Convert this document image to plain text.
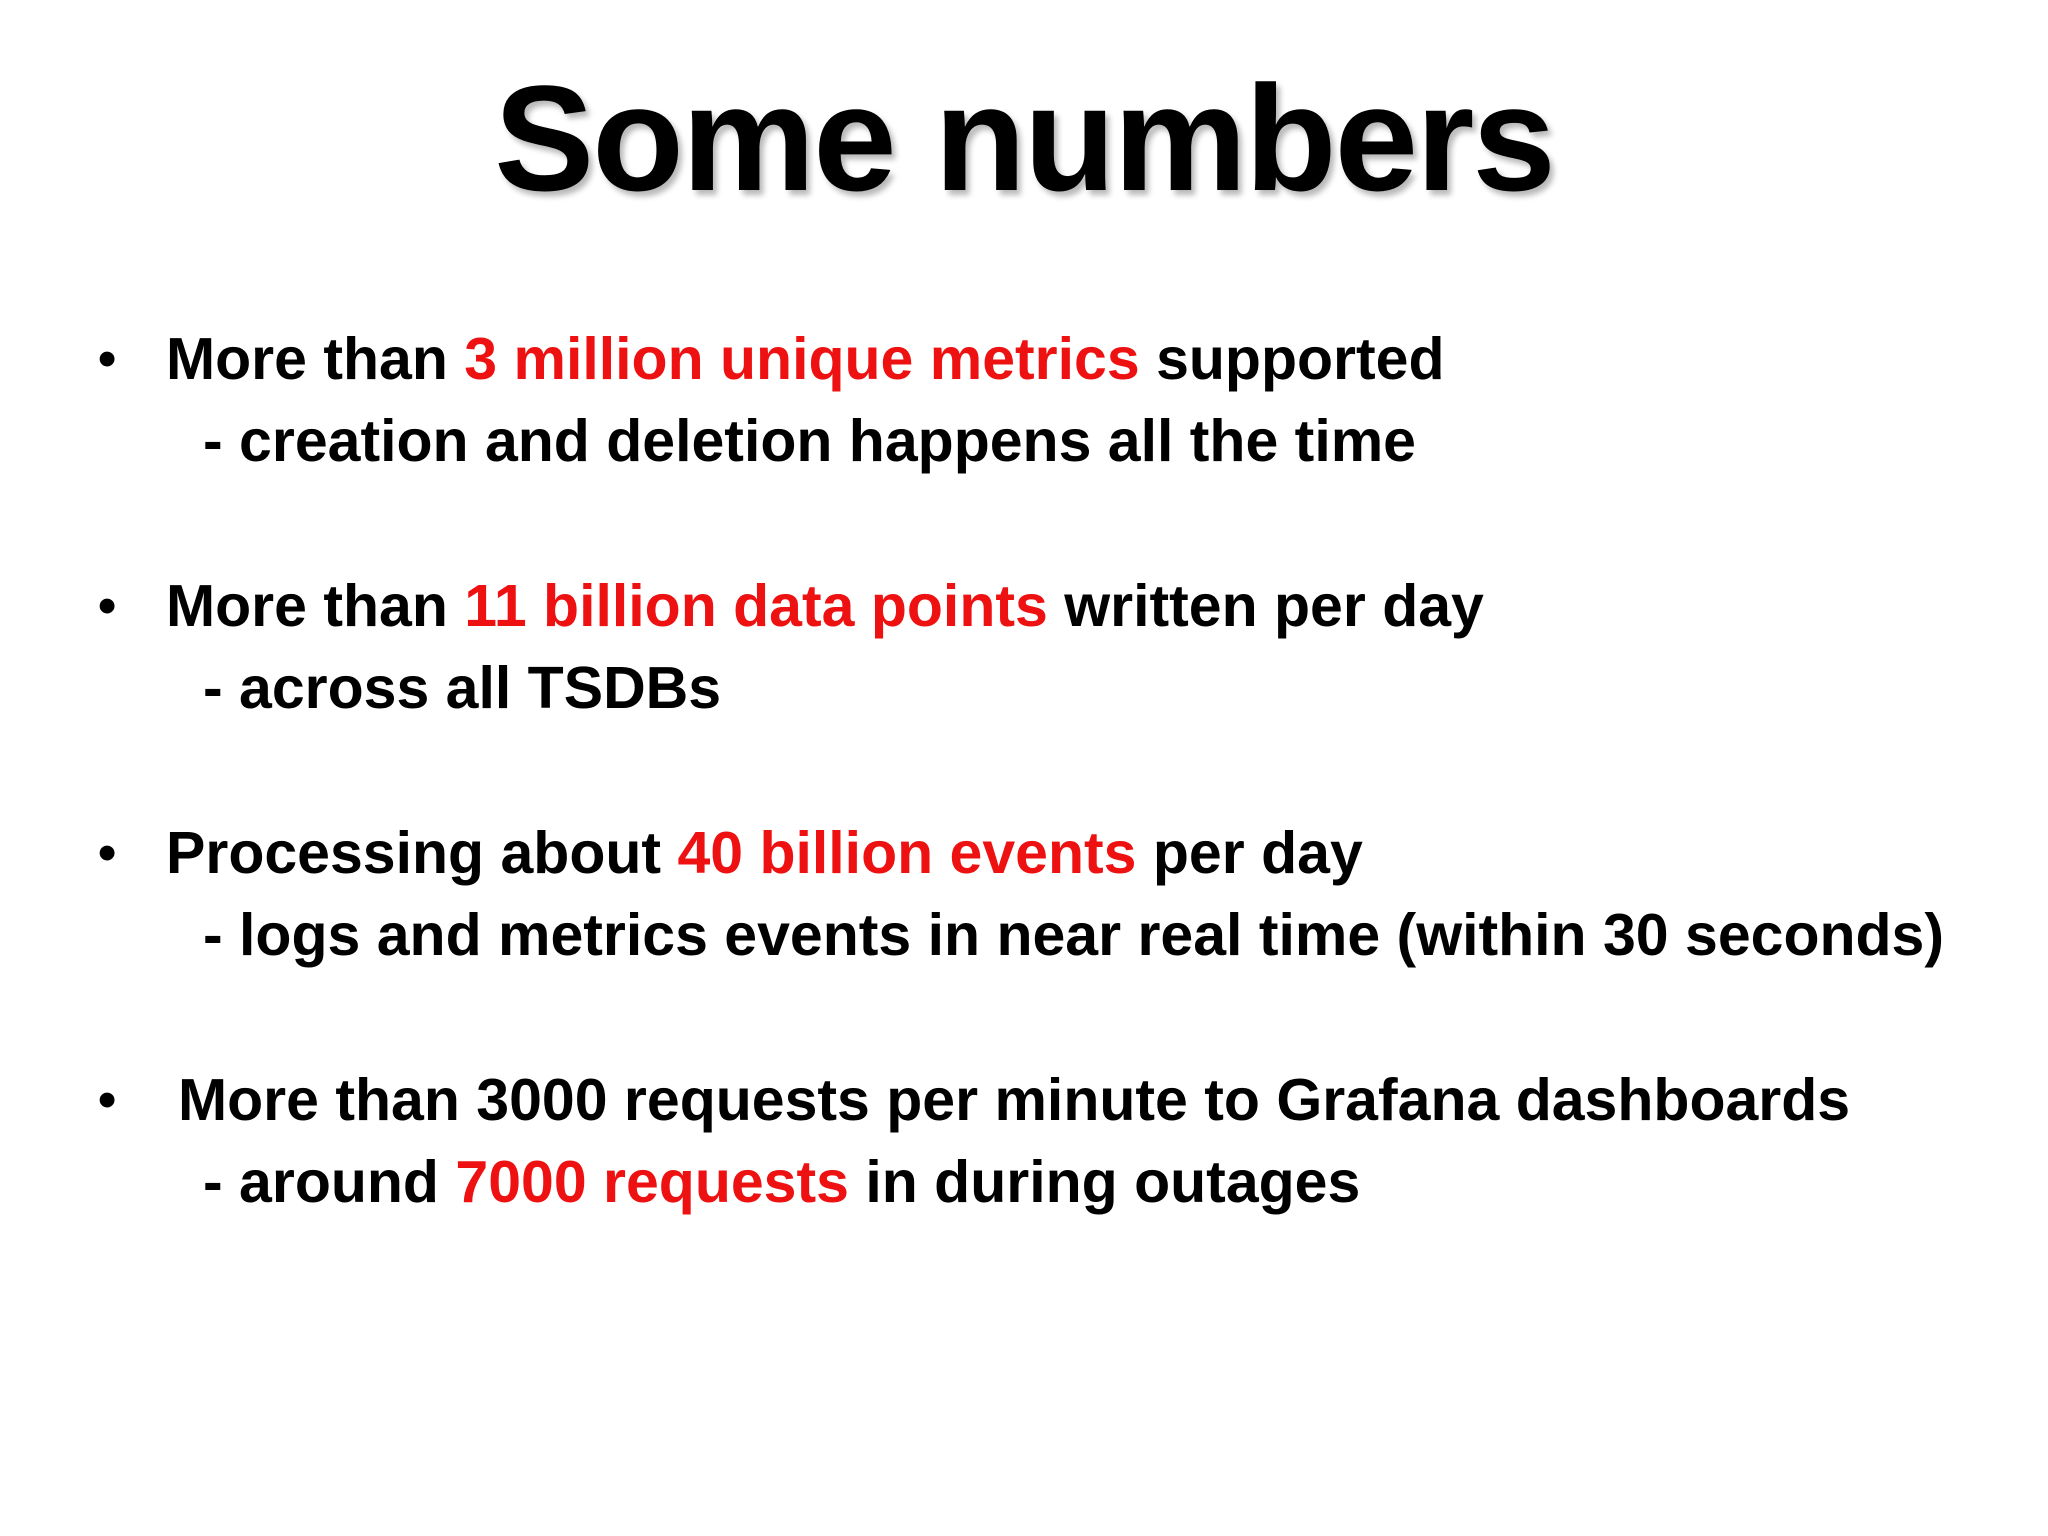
Some numbers
• More than 3 million unique metrics supported
- creation and deletion happens all the time
• More than 11 billion data points written per day
- across all TSDBs
• Processing about 40 billion events per day
- logs and metrics events in near real time (within 30 seconds)
• More than 3000 requests per minute to Grafana dashboards
- around 7000 requests in during outages
